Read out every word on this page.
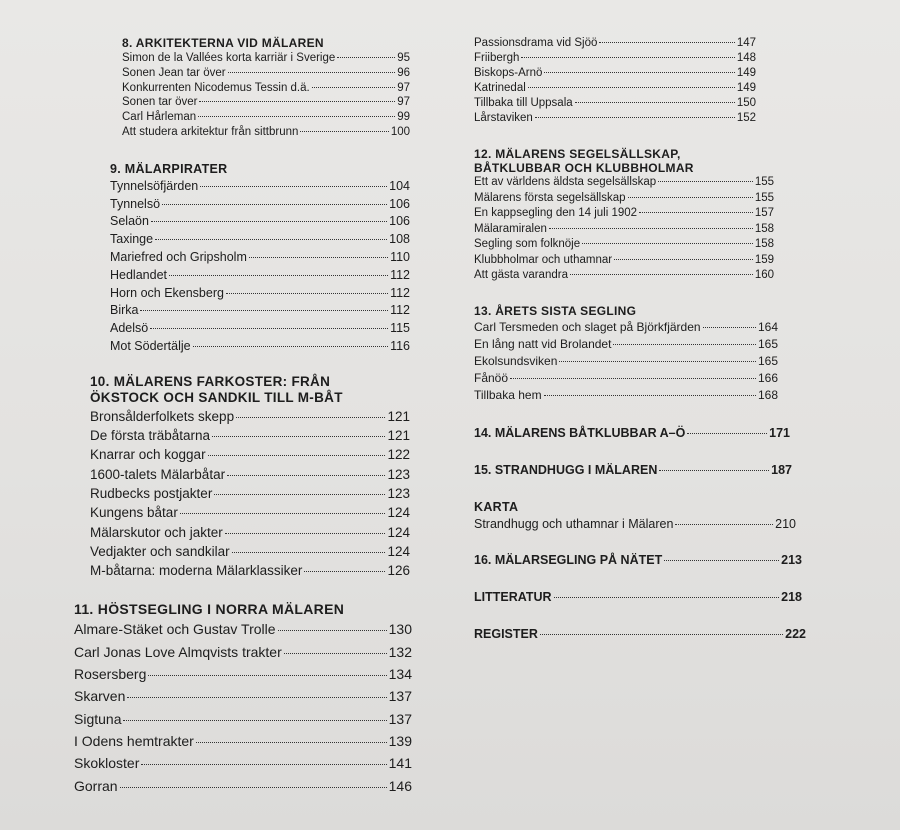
8. ARKITEKTERNA VID MÄLAREN
Simon de la Vallées korta karriär i Sverige	95
Sonen Jean tar över	96
Konkurrenten Nicodemus Tessin d.ä.	97
Sonen tar över	97
Carl Hårleman	99
Att studera arkitektur från sittbrunn	100
9. MÄLARPIRATER
Tynnelsöfjärden	104
Tynnelsö	106
Selaön	106
Taxinge	108
Mariefred och Gripsholm	110
Hedlandet	112
Horn och Ekensberg	112
Birka	112
Adelsö	115
Mot Södertälje	116
10. MÄLARENS FARKOSTER: FRÅN
ÖKSTOCK OCH SANDKIL TILL M-BÅT
Bronsålderfolkets skepp	121
De första träbåtarna	121
Knarrar och koggar	122
1600-talets Mälarbåtar	123
Rudbecks postjakter	123
Kungens båtar	124
Mälarskutor och jakter	124
Vedjakter och sandkilar	124
M-båtarna: moderna Mälarklassiker	126
11. HÖSTSEGLING I NORRA MÄLAREN
Almare-Stäket och Gustav Trolle	130
Carl Jonas Love Almqvists trakter	132
Rosersberg	134
Skarven	137
Sigtuna	137
I Odens hemtrakter	139
Skokloster	141
Gorran	146
Passionsdrama vid Sjöö	147
Friibergh	148
Biskops-Arnö	149
Katrinedal	149
Tillbaka till Uppsala	150
Lårstaviken	152
12. MÄLARENS SEGELSÄLLSKAP,
BÅTKLUBBAR OCH KLUBBHOLMAR
Ett av världens äldsta segelsällskap	155
Mälarens första segelsällskap	155
En kappsegling den 14 juli 1902	157
Mälaramiralen	158
Segling som folknöje	158
Klubbholmar och uthamnar	159
Att gästa varandra	160
13. ÅRETS SISTA SEGLING
Carl Tersmeden och slaget på Björkfjärden	164
En lång natt vid Brolandet	165
Ekolsundsviken	165
Fånöö	166
Tillbaka hem	168
14. MÄLARENS BÅTKLUBBAR A–Ö	171
15. STRANDHUGG I MÄLAREN	187
KARTA
Strandhugg och uthamnar i Mälaren	210
16. MÄLARSEGLING PÅ NÄTET	213
LITTERATUR	218
REGISTER	222
